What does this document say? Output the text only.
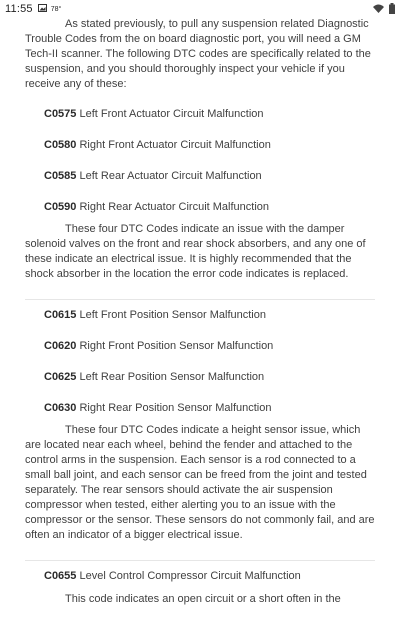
11:55	78°

As stated previously, to pull any suspension related Diagnostic Trouble Codes from the on board diagnostic port, you will need a GM Tech-II scanner. The following DTC codes are specifically related to the suspension, and you should thoroughly inspect your vehicle if you receive any of these:

C0575 Left Front Actuator Circuit Malfunction

C0580 Right Front Actuator Circuit Malfunction

C0585 Left Rear Actuator Circuit Malfunction

C0590 Right Rear Actuator Circuit Malfunction

These four DTC Codes indicate an issue with the damper solenoid valves on the front and rear shock absorbers, and any one of these indicate an electrical issue. It is highly recommended that the shock absorber in the location the error code indicates is replaced.

C0615 Left Front Position Sensor Malfunction

C0620 Right Front Position Sensor Malfunction

C0625 Left Rear Position Sensor Malfunction

C0630 Right Rear Position Sensor Malfunction

These four DTC Codes indicate a height sensor issue, which are located near each wheel, behind the fender and attached to the control arms in the suspension. Each sensor is a rod connected to a small ball joint, and each sensor can be freed from the joint and tested separately. The rear sensors should activate the air suspension compressor when tested, either alerting you to an issue with the compressor or the sensor. These sensors do not commonly fail, and are often an indicator of a bigger electrical issue.

C0655 Level Control Compressor Circuit Malfunction

This code indicates an open circuit or a short often in the
